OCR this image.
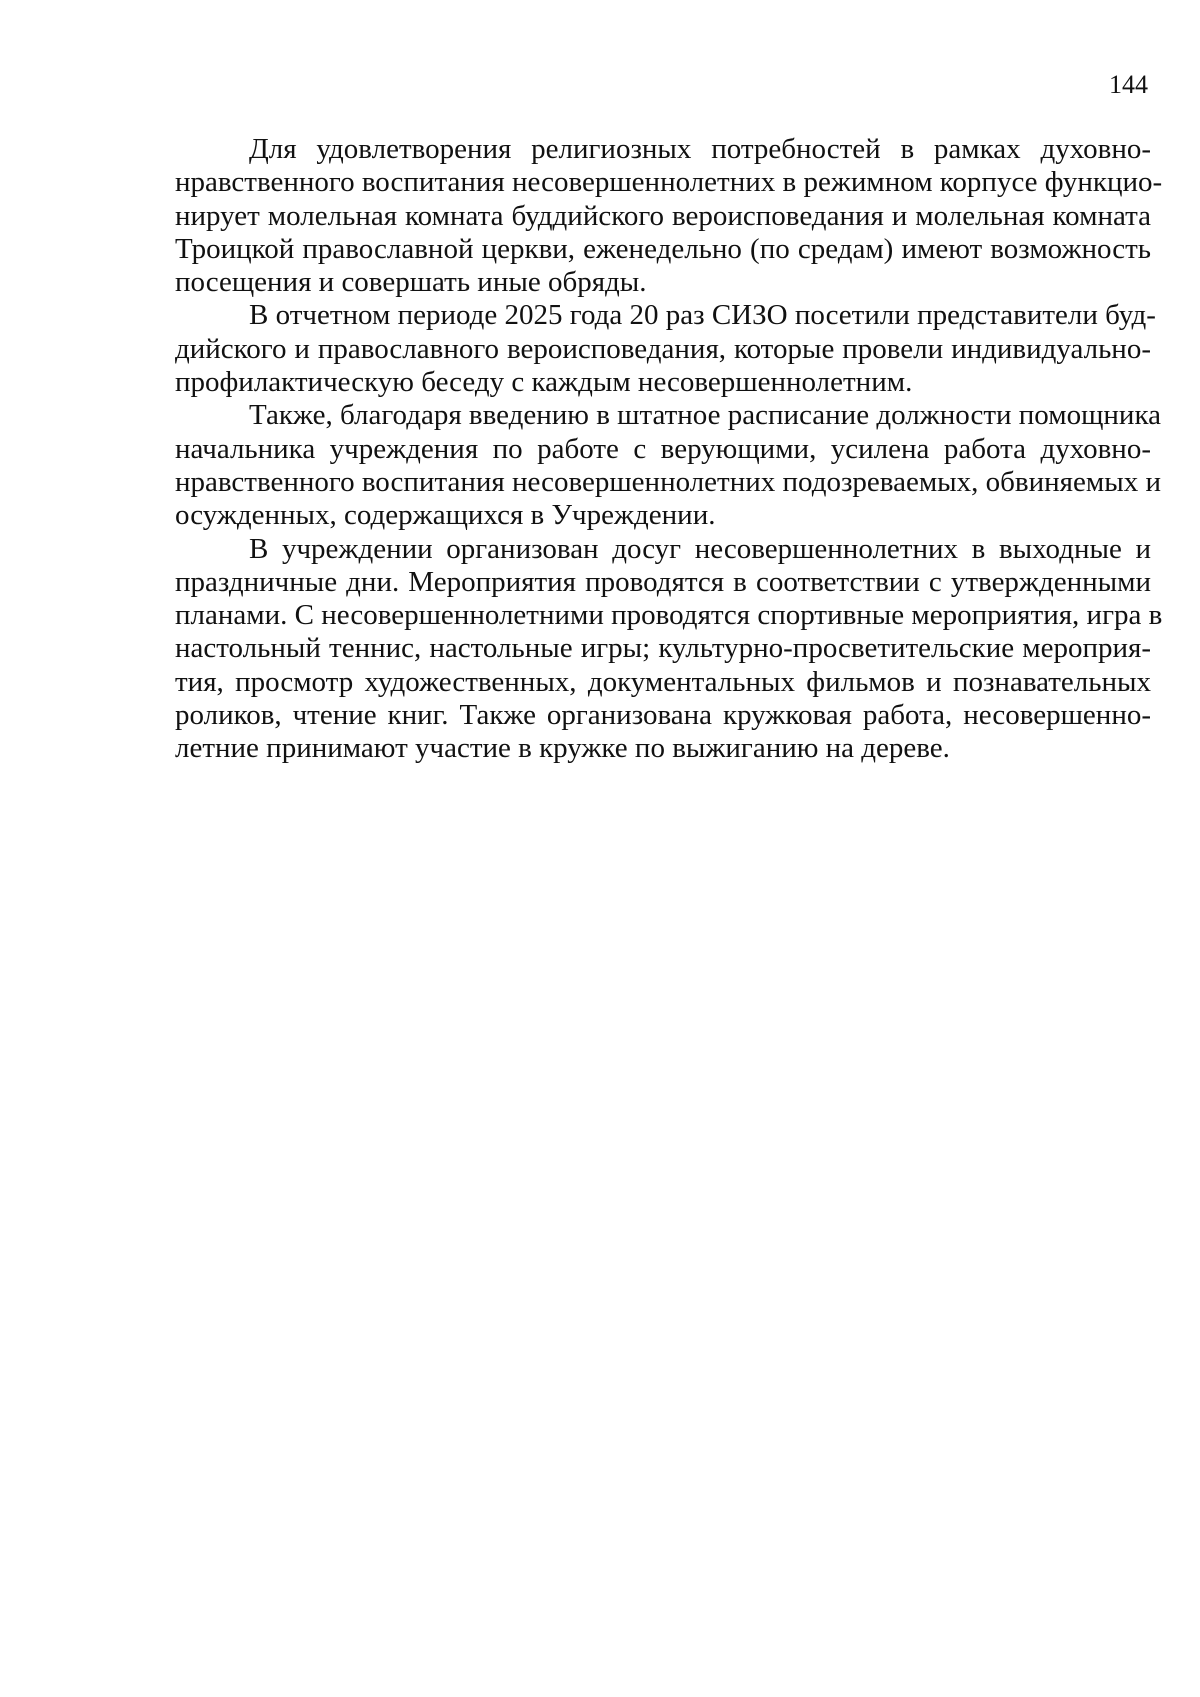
144
Для удовлетворения религиозных потребностей в рамках духовно-
нравственного воспитания несовершеннолетних в режимном корпусе функцио-
нирует молельная комната буддийского вероисповедания и молельная комната
Троицкой православной церкви, еженедельно (по средам) имеют возможность
посещения и совершать иные обряды.
В отчетном периоде 2025 года 20 раз СИЗО посетили представители буд-
дийского и православного вероисповедания, которые провели индивидуально-
профилактическую беседу с каждым несовершеннолетним.
Также, благодаря введению в штатное расписание должности помощника
начальника учреждения по работе с верующими, усилена работа духовно-
нравственного воспитания несовершеннолетних подозреваемых, обвиняемых и
осужденных, содержащихся в Учреждении.
В учреждении организован досуг несовершеннолетних в выходные и
праздничные дни. Мероприятия проводятся в соответствии с утвержденными
планами. С несовершеннолетними проводятся спортивные мероприятия, игра в
настольный теннис, настольные игры; культурно-просветительские мероприя-
тия, просмотр художественных, документальных фильмов и познавательных
роликов, чтение книг. Также организована кружковая работа, несовершенно-
летние принимают участие в кружке по выжиганию на дереве.
